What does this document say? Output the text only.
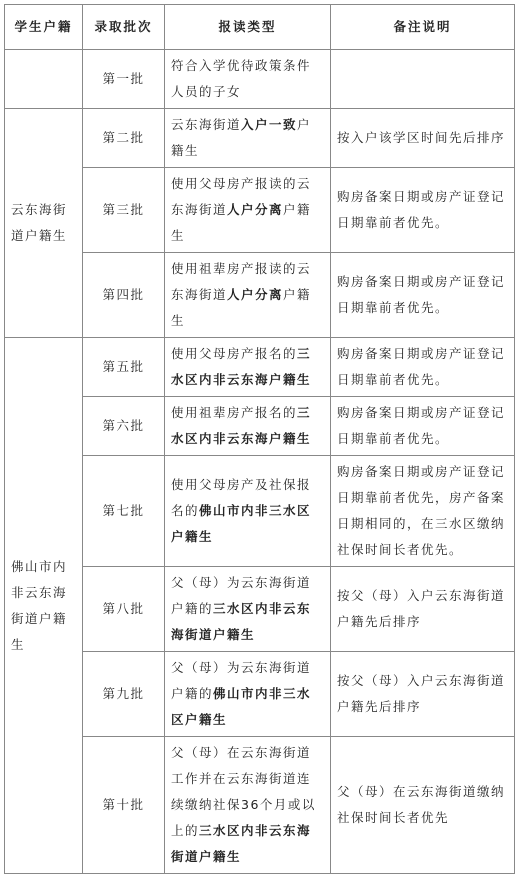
学生户籍	录取批次	报读类型	备注说明
	第一批	符合入学优待政策条件人员的子女	
云东海街道户籍生	第二批	云东海街道入户一致户籍生	按入户该学区时间先后排序
	第三批	使用父母房产报读的云东海街道人户分离户籍生	购房备案日期或房产证登记日期靠前者优先。
	第四批	使用祖辈房产报读的云东海街道人户分离户籍生	购房备案日期或房产证登记日期靠前者优先。
佛山市内非云东海街道户籍生	第五批	使用父母房产报名的三水区内非云东海户籍生	购房备案日期或房产证登记日期靠前者优先。
	第六批	使用祖辈房产报名的三水区内非云东海户籍生	购房备案日期或房产证登记日期靠前者优先。
	第七批	使用父母房产及社保报名的佛山市内非三水区户籍生	购房备案日期或房产证登记日期靠前者优先，房产备案日期相同的，在三水区缴纳社保时间长者优先。
	第八批	父（母）为云东海街道户籍的三水区内非云东海街道户籍生	按父（母）入户云东海街道户籍先后排序
	第九批	父（母）为云东海街道户籍的佛山市内非三水区户籍生	按父（母）入户云东海街道户籍先后排序
	第十批	父（母）在云东海街道工作并在云东海街道连续缴纳社保36个月或以上的三水区内非云东海街道户籍生	父（母）在云东海街道缴纳社保时间长者优先
